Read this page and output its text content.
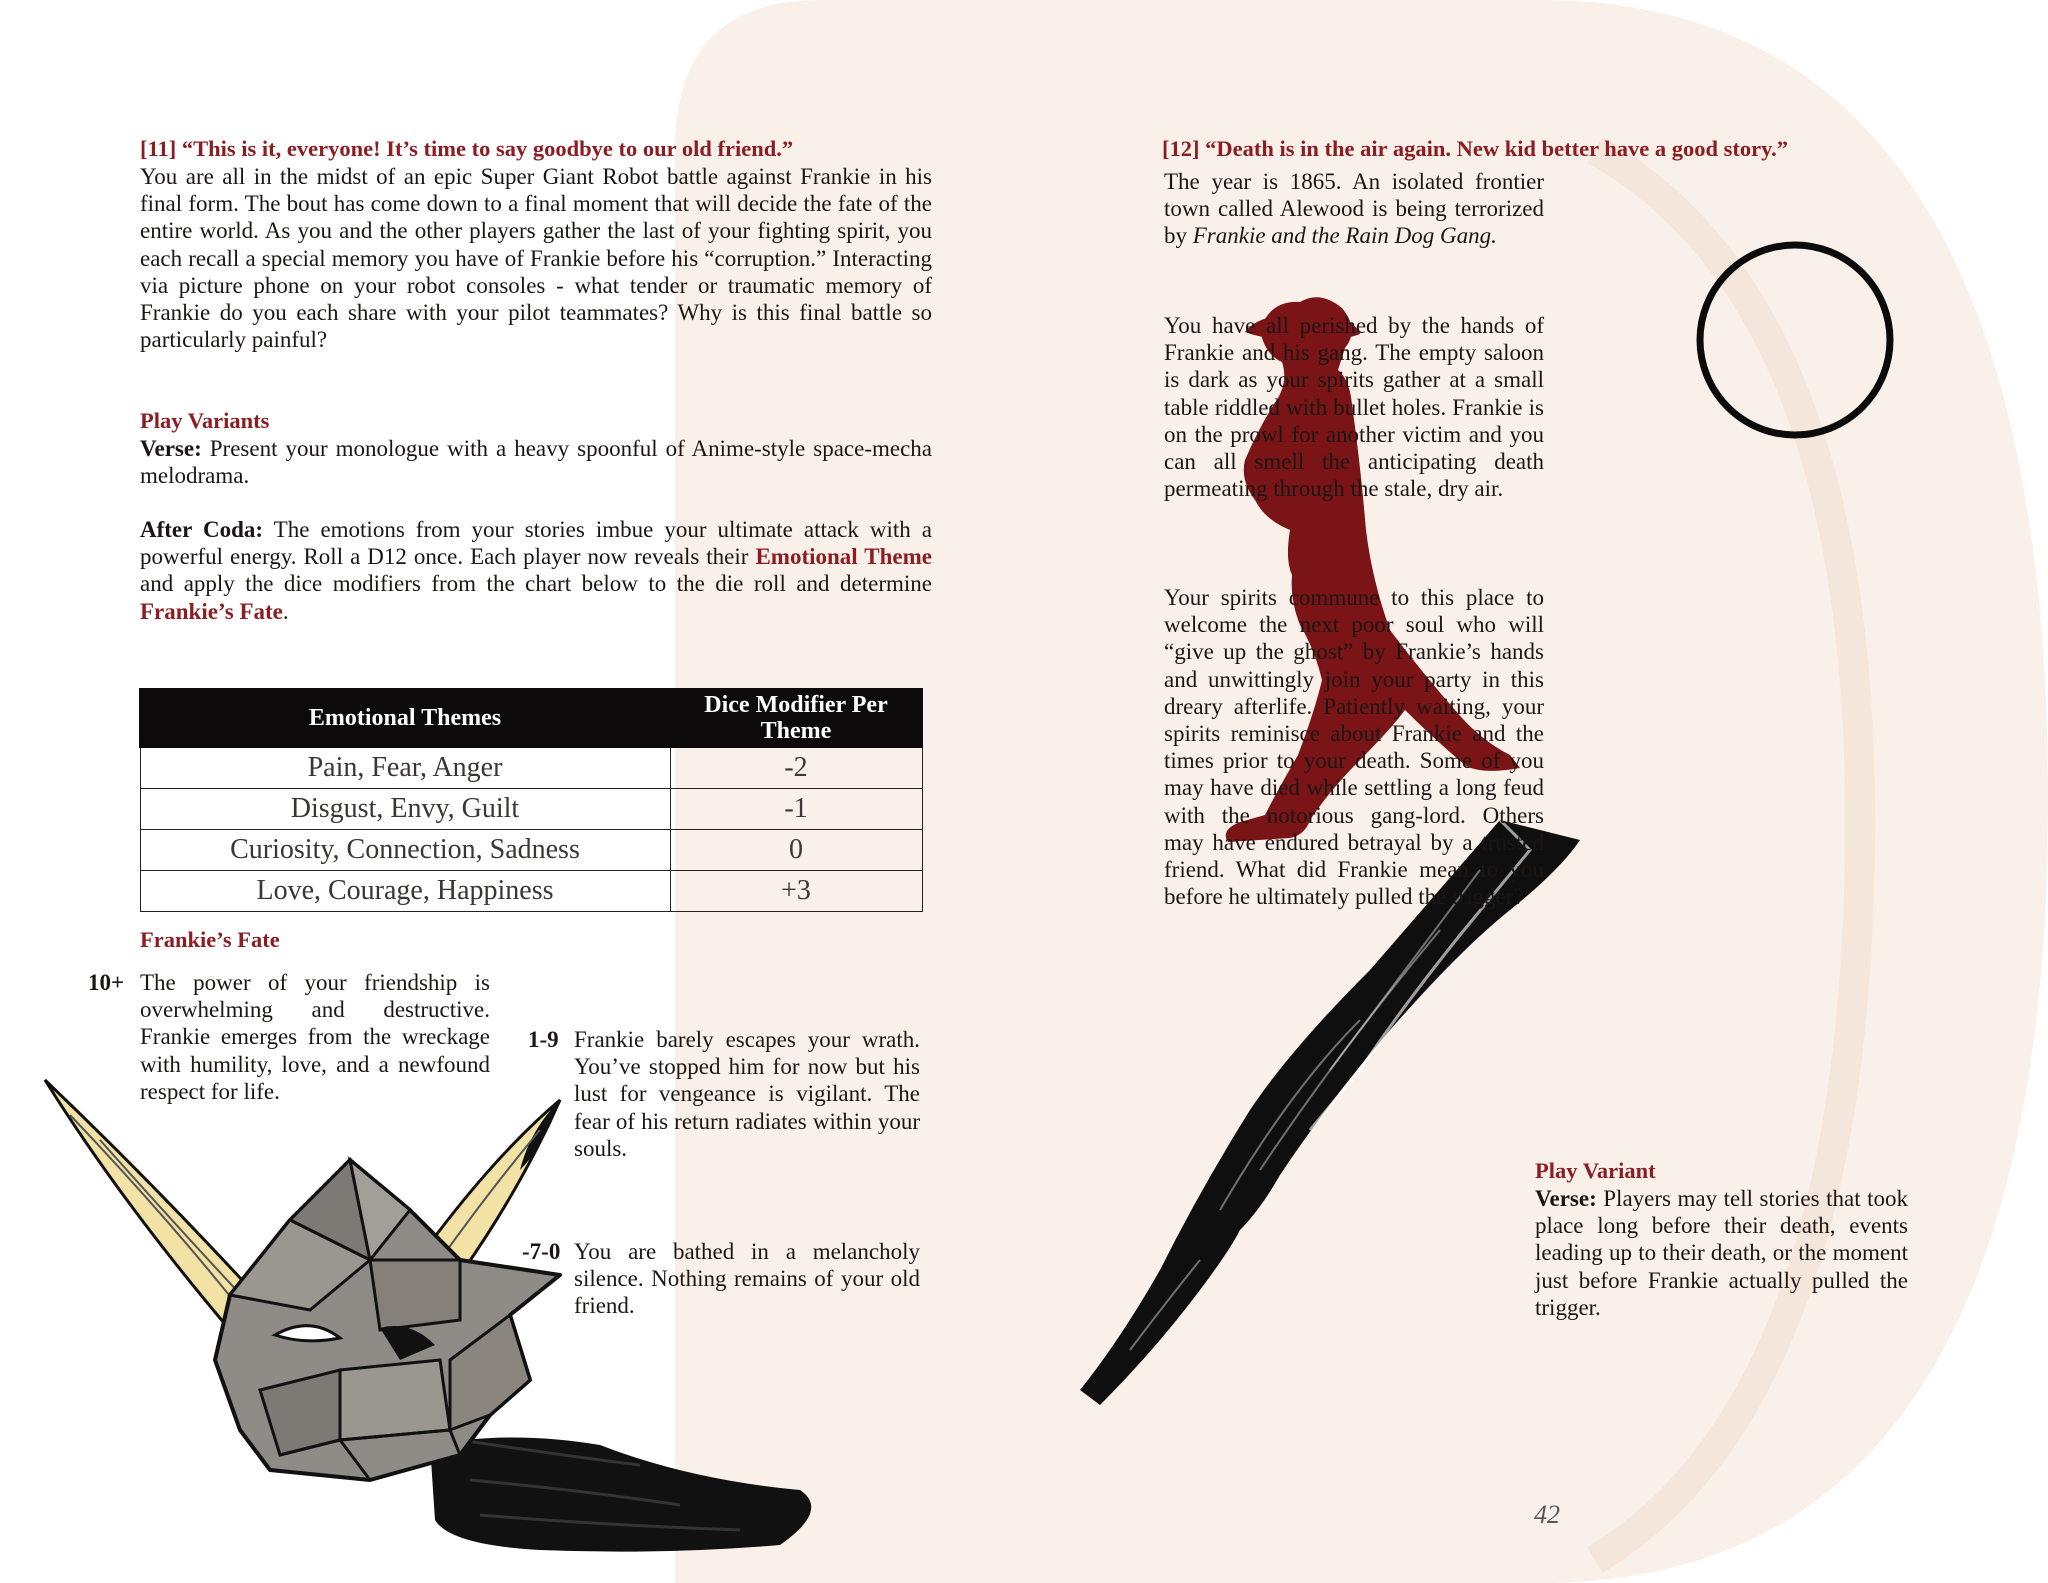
[11] “This is it, everyone! It’s time to say goodbye to our old friend.”
You are all in the midst of an epic Super Giant Robot battle against Frankie in his final form. The bout has come down to a final moment that will decide the fate of the entire world. As you and the other players gather the last of your fighting spirit, you each recall a special memory you have of Frankie before his “corruption.” Interacting via picture phone on your robot consoles - what tender or traumatic memory of Frankie do you each share with your pilot teammates? Why is this final battle so particularly painful?
Play Variants
Verse: Present your monologue with a heavy spoonful of Anime-style space-mecha melodrama.
After Coda: The emotions from your stories imbue your ultimate attack with a powerful energy. Roll a D12 once. Each player now reveals their Emotional Theme and apply the dice modifiers from the chart below to the die roll and determine Frankie’s Fate.
Emotional Themes	Dice Modifier Per Theme
Pain, Fear, Anger	-2
Disgust, Envy, Guilt	-1
Curiosity, Connection, Sadness	0
Love, Courage, Happiness	+3
Frankie’s Fate
10+ The power of your friendship is overwhelming and destructive. Frankie emerges from the wreckage with humility, love, and a newfound respect for life.
1-9 Frankie barely escapes your wrath. You’ve stopped him for now but his lust for vengeance is vigilant. The fear of his return radiates within your souls.
-7-0 You are bathed in a melancholy silence. Nothing remains of your old friend.
[12] “Death is in the air again. New kid better have a good story.”
The year is 1865. An isolated frontier town called Alewood is being terrorized by Frankie and the Rain Dog Gang.
You have all perished by the hands of Frankie and his gang. The empty saloon is dark as your spirits gather at a small table riddled with bullet holes. Frankie is on the prowl for another victim and you can all smell the anticipating death permeating through the stale, dry air.
Your spirits commune to this place to welcome the next poor soul who will “give up the ghost” by Frankie’s hands and unwittingly join your party in this dreary afterlife. Patiently waiting, your spirits reminisce about Frankie and the times prior to your death. Some of you may have died while settling a long feud with the notorious gang-lord. Others may have endured betrayal by a trusted friend. What did Frankie mean to you before he ultimately pulled the trigger?
Play Variant
Verse: Players may tell stories that took place long before their death, events leading up to their death, or the moment just before Frankie actually pulled the trigger.
42
